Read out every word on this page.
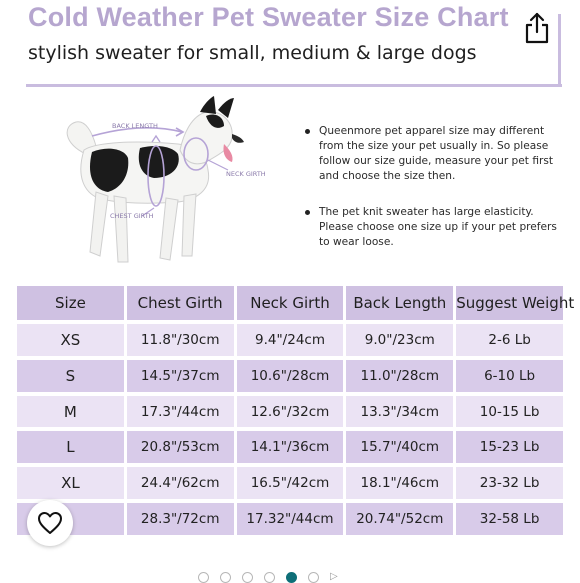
Cold Weather Pet Sweater Size Chart
stylish sweater for small, medium & large dogs
BACK LENGTH
NECK GIRTH
CHEST GIRTH
Queenmore pet apparel size may different from the size your pet usually in. So please follow our size guide, measure your pet first and choose the size then.
The pet knit sweater has large elasticity. Please choose one size up if your pet prefers to wear loose.
Size	Chest Girth	Neck Girth	Back Length	Suggest Weight
XS	11.8"/30cm	9.4"/24cm	9.0"/23cm	2-6 Lb
S	14.5"/37cm	10.6"/28cm	11.0"/28cm	6-10 Lb
M	17.3"/44cm	12.6"/32cm	13.3"/34cm	10-15 Lb
L	20.8"/53cm	14.1"/36cm	15.7"/40cm	15-23 Lb
XL	24.4"/62cm	16.5"/42cm	18.1"/46cm	23-32 Lb
	28.3"/72cm	17.32"/44cm	20.74"/52cm	32-58 Lb
▷
